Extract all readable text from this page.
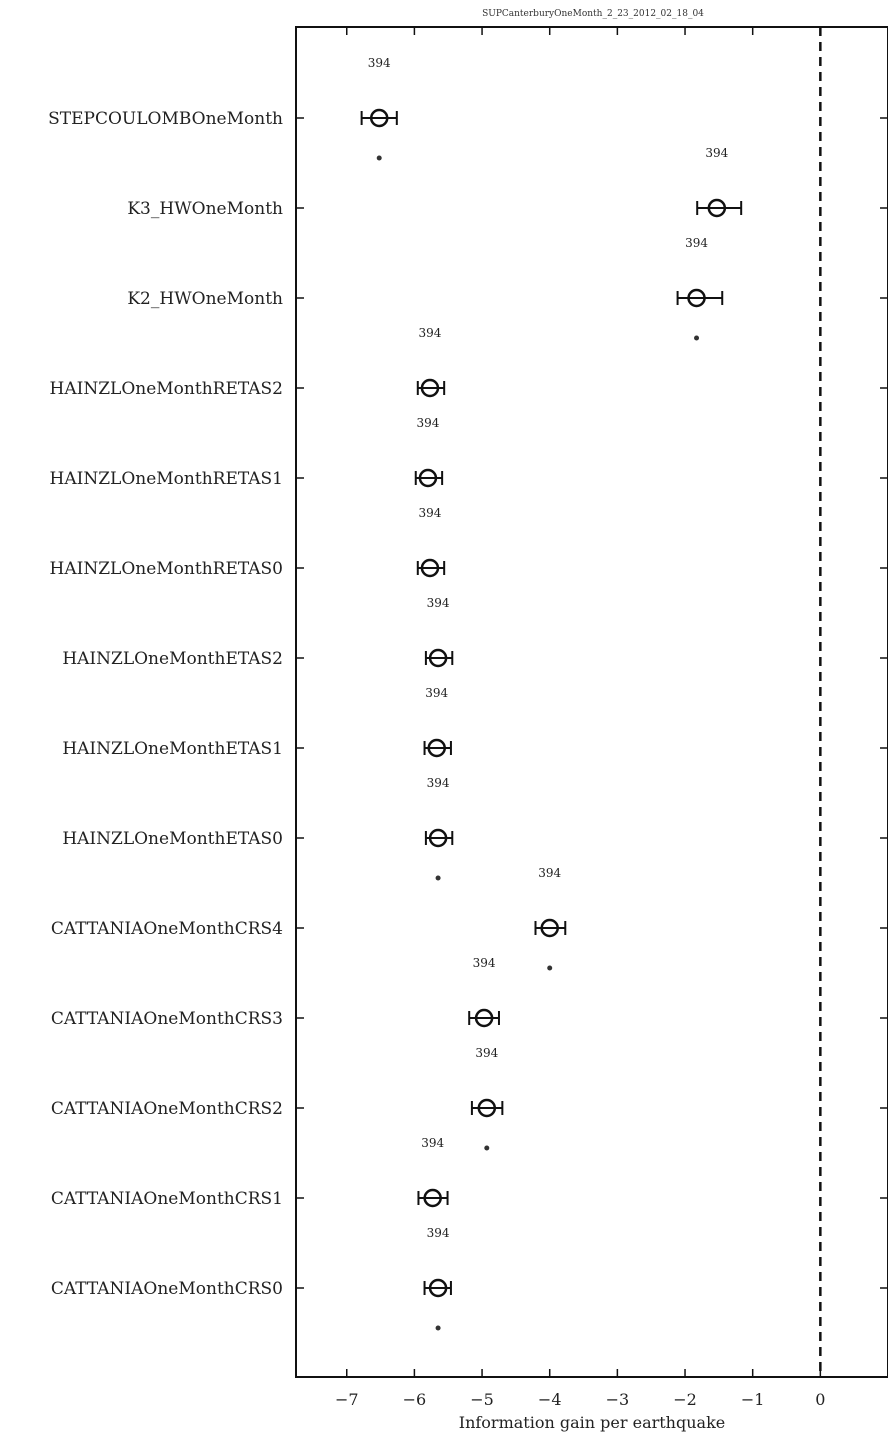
SUPCanterburyOneMonth_2_23_2012_02_18_04
−7	−6	−5	−4	−3	−2	−1	0
STEPCOULOMBOneMonth
394
K3_HWOneMonth
394
K2_HWOneMonth
394
HAINZLOneMonthRETAS2
394
HAINZLOneMonthRETAS1
394
HAINZLOneMonthRETAS0
394
HAINZLOneMonthETAS2
394
HAINZLOneMonthETAS1
394
HAINZLOneMonthETAS0
394
CATTANIAOneMonthCRS4
394
CATTANIAOneMonthCRS3
394
CATTANIAOneMonthCRS2
394
CATTANIAOneMonthCRS1
394
CATTANIAOneMonthCRS0
394
Information gain per earthquake
